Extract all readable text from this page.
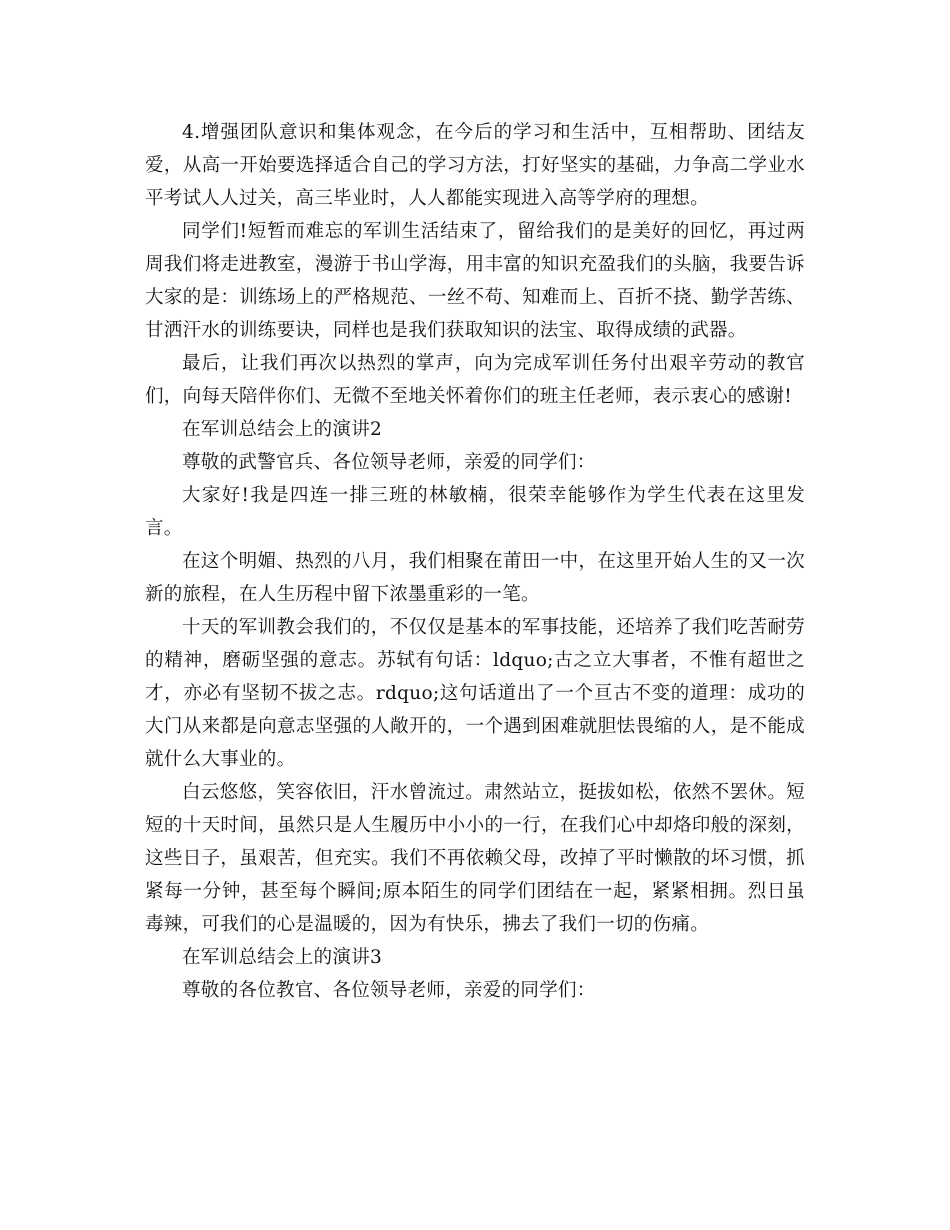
4.增强团队意识和集体观念，在今后的学习和生活中，互相帮助、团结友爱，从高一开始要选择适合自己的学习方法，打好坚实的基础，力争高二学业水平考试人人过关，高三毕业时，人人都能实现进入高等学府的理想。

同学们!短暂而难忘的军训生活结束了，留给我们的是美好的回忆，再过两周我们将走进教室，漫游于书山学海，用丰富的知识充盈我们的头脑，我要告诉大家的是：训练场上的严格规范、一丝不苟、知难而上、百折不挠、勤学苦练、甘洒汗水的训练要诀，同样也是我们获取知识的法宝、取得成绩的武器。

最后，让我们再次以热烈的掌声，向为完成军训任务付出艰辛劳动的教官们，向每天陪伴你们、无微不至地关怀着你们的班主任老师，表示衷心的感谢!

在军训总结会上的演讲2

尊敬的武警官兵、各位领导老师，亲爱的同学们：

大家好!我是四连一排三班的林敏楠，很荣幸能够作为学生代表在这里发言。

在这个明媚、热烈的八月，我们相聚在莆田一中，在这里开始人生的又一次新的旅程，在人生历程中留下浓墨重彩的一笔。

十天的军训教会我们的，不仅仅是基本的军事技能，还培养了我们吃苦耐劳的精神，磨砺坚强的意志。苏轼有句话：ldquo;古之立大事者，不惟有超世之才，亦必有坚韧不拔之志。rdquo;这句话道出了一个亘古不变的道理：成功的大门从来都是向意志坚强的人敞开的，一个遇到困难就胆怯畏缩的人，是不能成就什么大事业的。

白云悠悠，笑容依旧，汗水曾流过。肃然站立，挺拔如松，依然不罢休。短短的十天时间，虽然只是人生履历中小小的一行，在我们心中却烙印般的深刻，这些日子，虽艰苦，但充实。我们不再依赖父母，改掉了平时懒散的坏习惯，抓紧每一分钟，甚至每个瞬间;原本陌生的同学们团结在一起，紧紧相拥。烈日虽毒辣，可我们的心是温暖的，因为有快乐，拂去了我们一切的伤痛。

在军训总结会上的演讲3

尊敬的各位教官、各位领导老师，亲爱的同学们：
